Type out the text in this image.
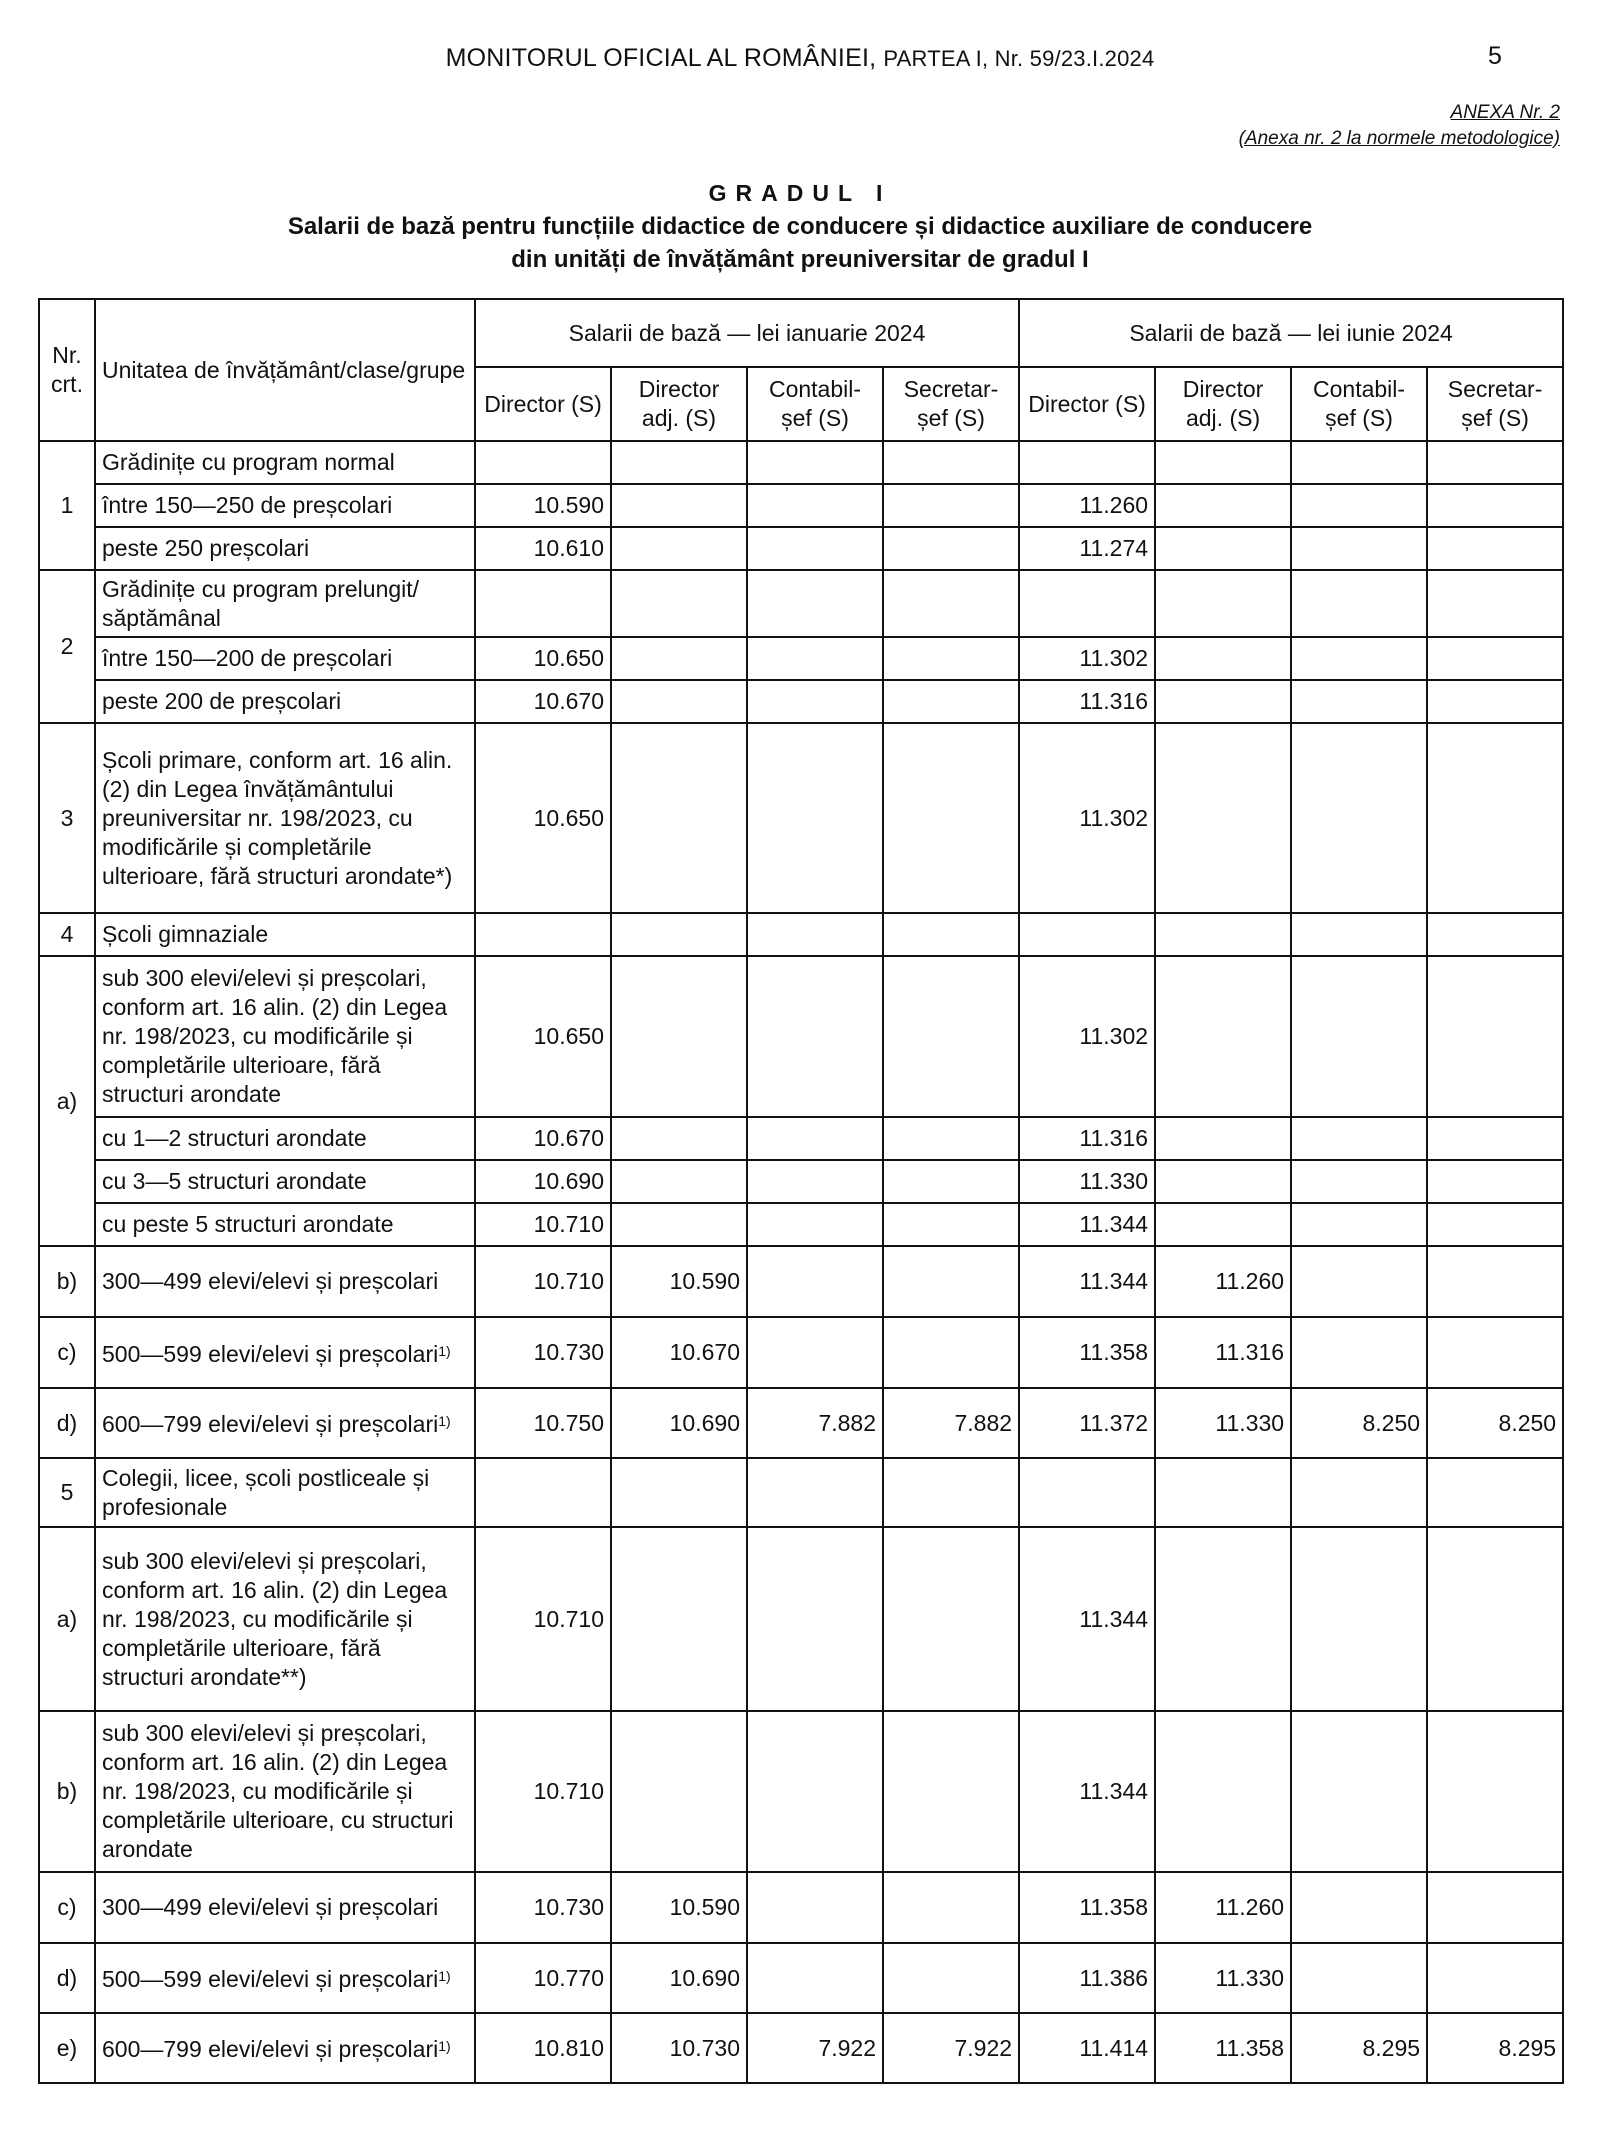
MONITORUL OFICIAL AL ROMÂNIEI, PARTEA I, Nr. 59/23.I.2024	5
ANEXA Nr. 2
(Anexa nr. 2 la normele metodologice)
GRADUL I
Salarii de bază pentru funcțiile didactice de conducere și didactice auxiliare de conducere
din unități de învățământ preuniversitar de gradul I
Nr. crt.	Unitatea de învățământ/clase/grupe	Salarii de bază — lei ianuarie 2024				Salarii de bază — lei iunie 2024			
		Director (S)	Director adj. (S)	Contabil-șef (S)	Secretar-șef (S)	Director (S)	Director adj. (S)	Contabil-șef (S)	Secretar-șef (S)
1	Grădinițe cu program normal								
	între 150—250 de preșcolari	10.590				11.260			
	peste 250 preșcolari	10.610				11.274			
2	Grădinițe cu program prelungit/ săptămânal								
	între 150—200 de preșcolari	10.650				11.302			
	peste 200 de preșcolari	10.670				11.316			
3	Școli primare, conform art. 16 alin. (2) din Legea învățământului preuniversitar nr. 198/2023, cu modificările și completările ulterioare, fără structuri arondate*)	10.650				11.302			
4	Școli gimnaziale								
a)	sub 300 elevi/elevi și preșcolari, conform art. 16 alin. (2) din Legea nr. 198/2023, cu modificările și completările ulterioare, fără structuri arondate	10.650				11.302			
	cu 1—2 structuri arondate	10.670				11.316			
	cu 3—5 structuri arondate	10.690				11.330			
	cu peste 5 structuri arondate	10.710				11.344			
b)	300—499 elevi/elevi și preșcolari	10.710	10.590			11.344	11.260		
c)	500—599 elevi/elevi și preșcolari$^{1)}$	10.730	10.670			11.358	11.316		
d)	600—799 elevi/elevi și preșcolari$^{1)}$	10.750	10.690	7.882	7.882	11.372	11.330	8.250	8.250
5	Colegii, licee, școli postliceale și profesionale								
a)	sub 300 elevi/elevi și preșcolari, conform art. 16 alin. (2) din Legea nr. 198/2023, cu modificările și completările ulterioare, fără structuri arondate**)	10.710				11.344			
b)	sub 300 elevi/elevi și preșcolari, conform art. 16 alin. (2) din Legea nr. 198/2023, cu modificările și completările ulterioare, cu structuri arondate	10.710				11.344			
c)	300—499 elevi/elevi și preșcolari	10.730	10.590			11.358	11.260		
d)	500—599 elevi/elevi și preșcolari$^{1)}$	10.770	10.690			11.386	11.330		
e)	600—799 elevi/elevi și preșcolari$^{1)}$	10.810	10.730	7.922	7.922	11.414	11.358	8.295	8.295
